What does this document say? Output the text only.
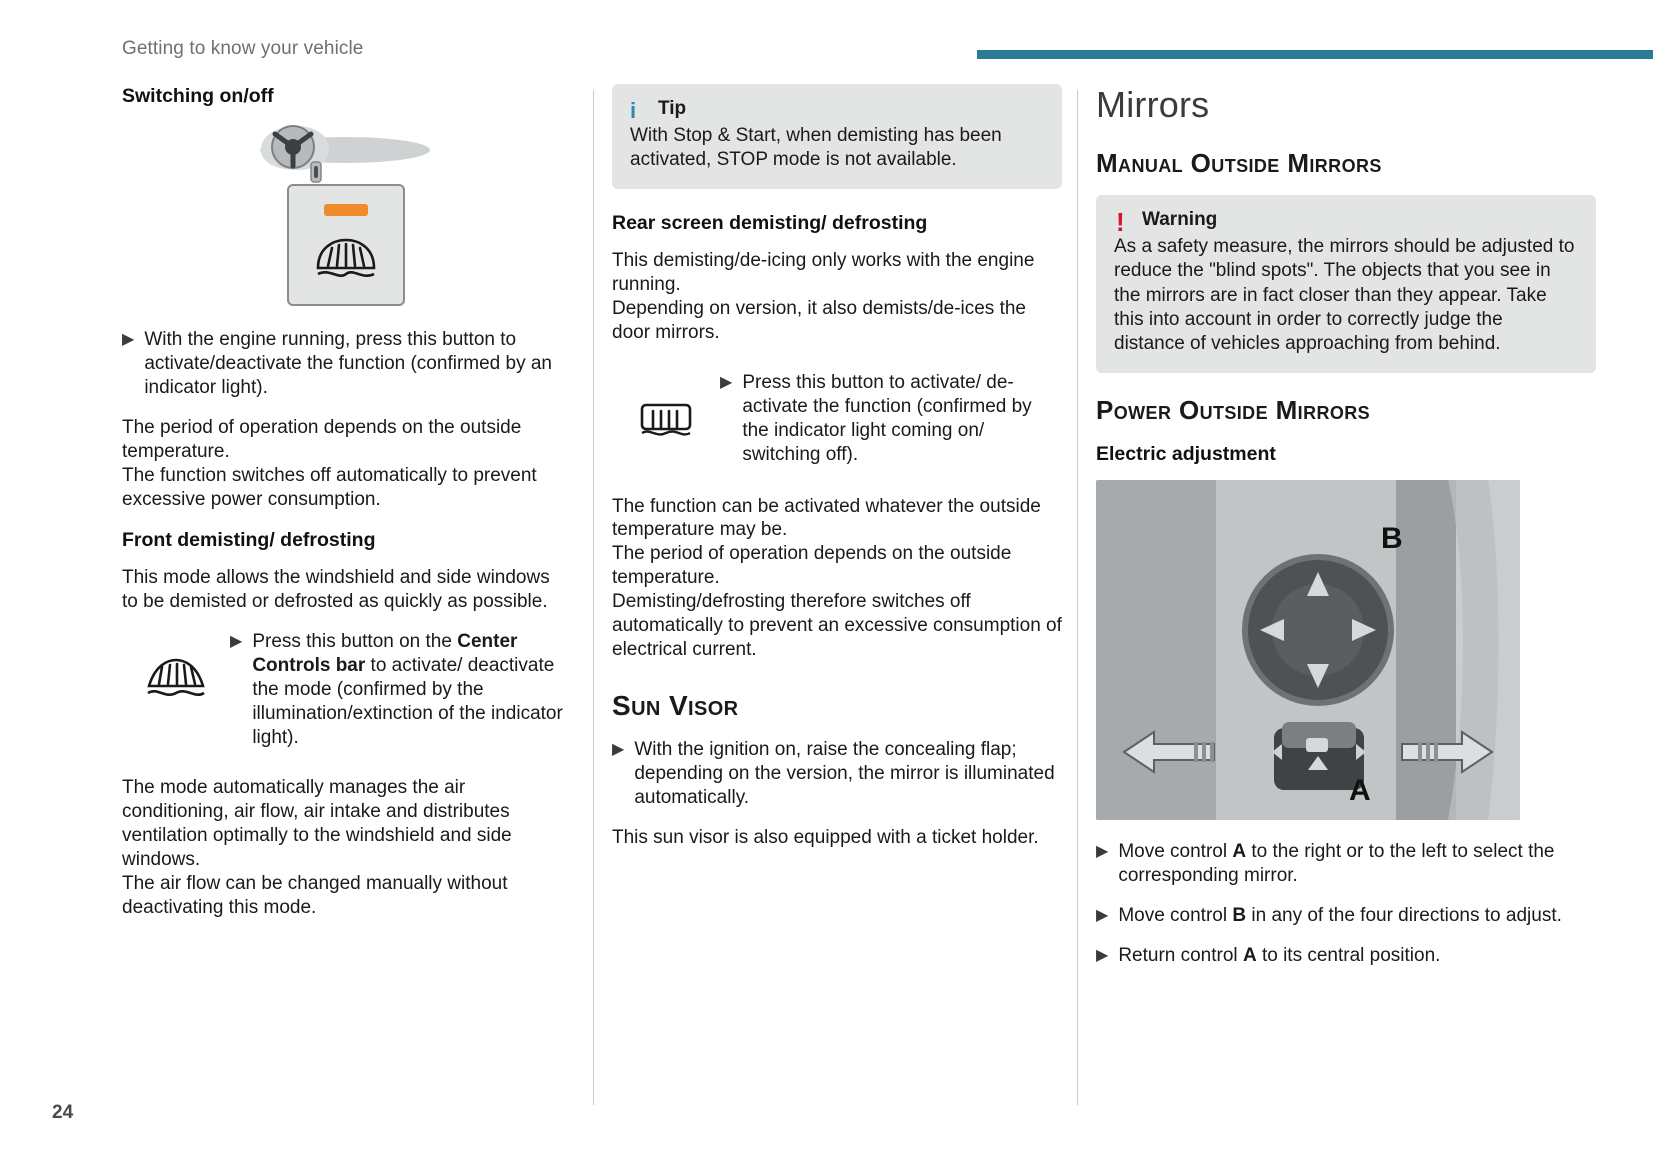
Getting to know your vehicle
24
Switching on/off
▶ With the engine running, press this button to activate/deactivate the function (confirmed by an indicator light).

The period of operation depends on the outside temperature.
The function switches off automatically to prevent excessive power consumption.

Front demisting/ defrosting

This mode allows the windshield and side windows to be demisted or defrosted as quickly as possible.

▶ Press this button on the Center Controls bar to activate/ deactivate the mode (confirmed by the illumination/extinction of the indicator light).

The mode automatically manages the air conditioning, air flow, air intake and distributes ventilation optimally to the windshield and side windows.
The air flow can be changed manually without deactivating this mode.

i	Tip
With Stop & Start, when demisting has been activated, STOP mode is not available.
Rear screen demisting/ defrosting

This demisting/de-icing only works with the engine running.
Depending on version, it also demists/de-ices the door mirrors.

▶ Press this button to activate/ de-activate the function (confirmed by the indicator light coming on/ switching off).

The function can be activated whatever the outside temperature may be.
The period of operation depends on the outside temperature.
Demisting/defrosting therefore switches off automatically to prevent an excessive consumption of electrical current.

Sun Visor
▶ With the ignition on, raise the concealing flap; depending on the version, the mirror is illuminated automatically.

This sun visor is also equipped with a ticket holder.

Mirrors
Manual Outside Mirrors
! Warning
As a safety measure, the mirrors should be adjusted to reduce the "blind spots". The objects that you see in the mirrors are in fact closer than they appear. Take this into account in order to correctly judge the distance of vehicles approaching from behind.
Power Outside Mirrors
Electric adjustment
B
A
▶ Move control A to the right or to the left to select the corresponding mirror.
▶ Move control B in any of the four directions to adjust.
▶ Return control A to its central position.
